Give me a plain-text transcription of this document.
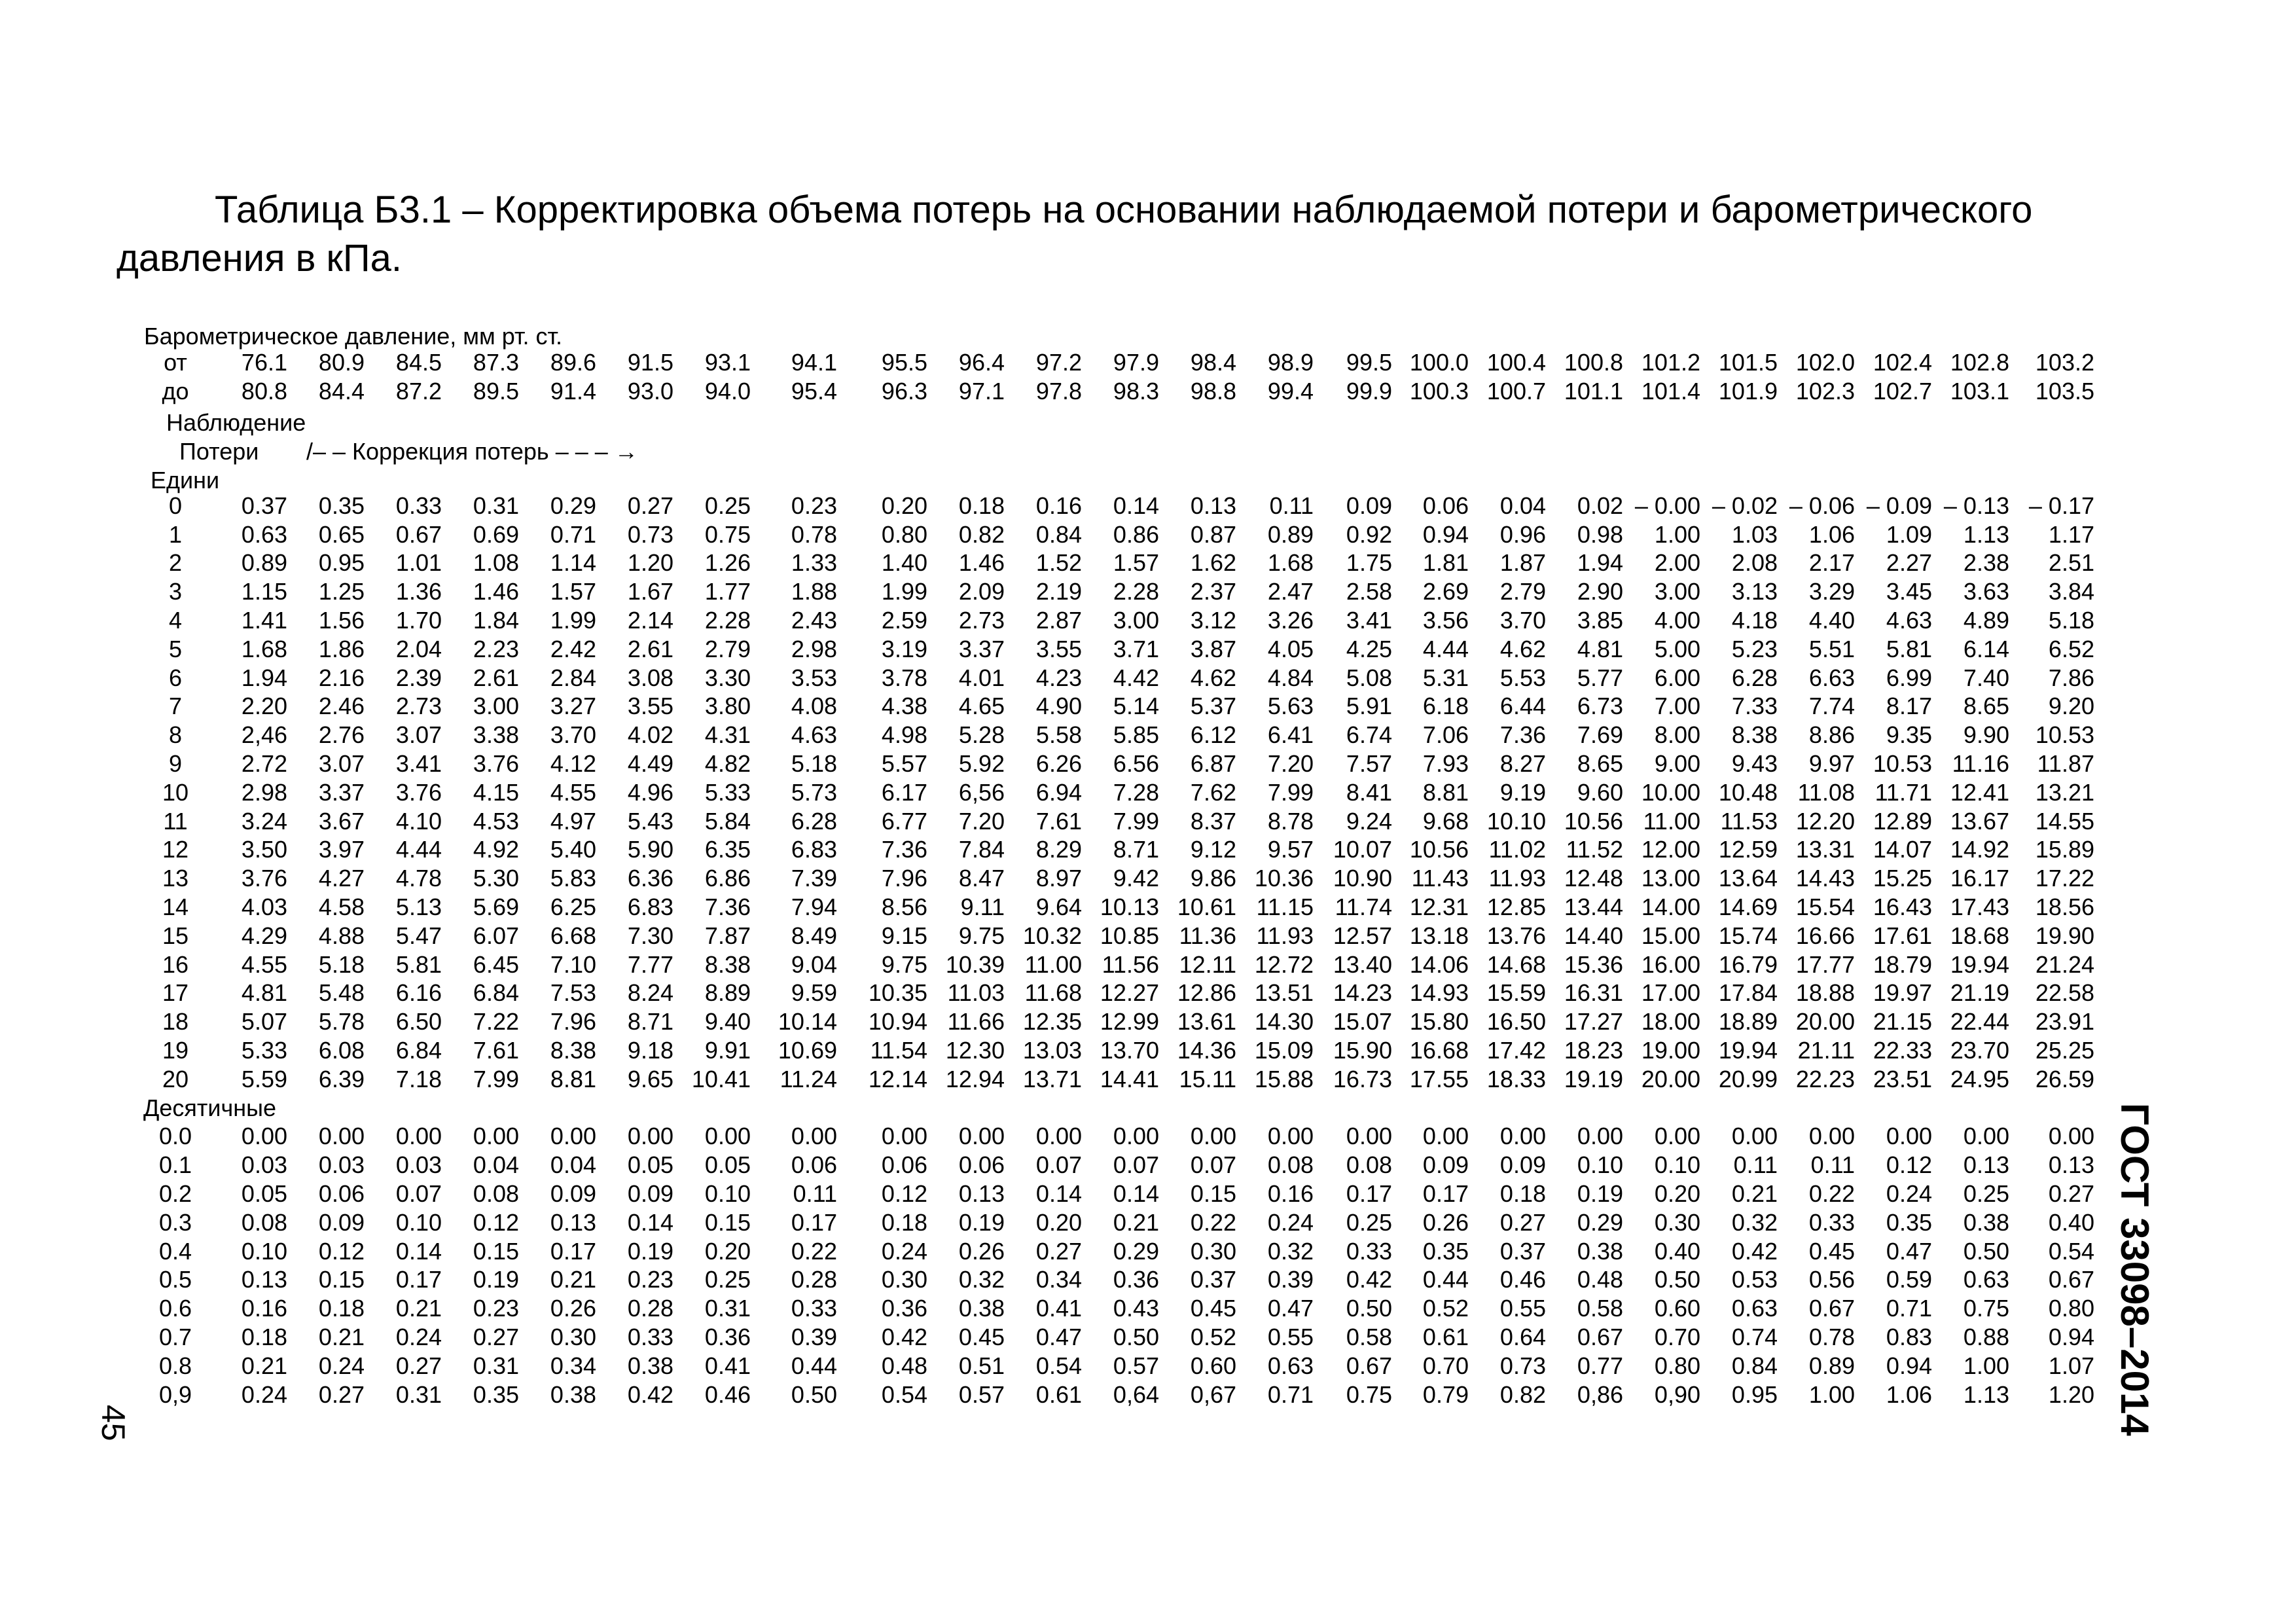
Таблица Б3.1 – Корректировка объема потерь на основании наблюдаемой потери и барометрического давления в кПа.
Барометрическое давление, мм рт. ст.
Наблюдение
Потери /– – Коррекция потерь – – – →
Едини
от	76.1	80.9	84.5	87.3	89.6	91.5	93.1	94.1	95.5	96.4	97.2	97.9	98.4	98.9	99.5	100.0	100.4	100.8	101.2	101.5	102.0	102.4	102.8	103.2
до	80.8	84.4	87.2	89.5	91.4	93.0	94.0	95.4	96.3	97.1	97.8	98.3	98.8	99.4	99.9	100.3	100.7	101.1	101.4	101.9	102.3	102.7	103.1	103.5

0	0.37	0.35	0.33	0.31	0.29	0.27	0.25	0.23	0.20	0.18	0.16	0.14	0.13	0.11	0.09	0.06	0.04	0.02	– 0.00	– 0.02	– 0.06	– 0.09	– 0.13	– 0.17
1	0.63	0.65	0.67	0.69	0.71	0.73	0.75	0.78	0.80	0.82	0.84	0.86	0.87	0.89	0.92	0.94	0.96	0.98	1.00	1.03	1.06	1.09	1.13	1.17
2	0.89	0.95	1.01	1.08	1.14	1.20	1.26	1.33	1.40	1.46	1.52	1.57	1.62	1.68	1.75	1.81	1.87	1.94	2.00	2.08	2.17	2.27	2.38	2.51
3	1.15	1.25	1.36	1.46	1.57	1.67	1.77	1.88	1.99	2.09	2.19	2.28	2.37	2.47	2.58	2.69	2.79	2.90	3.00	3.13	3.29	3.45	3.63	3.84
4	1.41	1.56	1.70	1.84	1.99	2.14	2.28	2.43	2.59	2.73	2.87	3.00	3.12	3.26	3.41	3.56	3.70	3.85	4.00	4.18	4.40	4.63	4.89	5.18
5	1.68	1.86	2.04	2.23	2.42	2.61	2.79	2.98	3.19	3.37	3.55	3.71	3.87	4.05	4.25	4.44	4.62	4.81	5.00	5.23	5.51	5.81	6.14	6.52
6	1.94	2.16	2.39	2.61	2.84	3.08	3.30	3.53	3.78	4.01	4.23	4.42	4.62	4.84	5.08	5.31	5.53	5.77	6.00	6.28	6.63	6.99	7.40	7.86
7	2.20	2.46	2.73	3.00	3.27	3.55	3.80	4.08	4.38	4.65	4.90	5.14	5.37	5.63	5.91	6.18	6.44	6.73	7.00	7.33	7.74	8.17	8.65	9.20
8	2,46	2.76	3.07	3.38	3.70	4.02	4.31	4.63	4.98	5.28	5.58	5.85	6.12	6.41	6.74	7.06	7.36	7.69	8.00	8.38	8.86	9.35	9.90	10.53
9	2.72	3.07	3.41	3.76	4.12	4.49	4.82	5.18	5.57	5.92	6.26	6.56	6.87	7.20	7.57	7.93	8.27	8.65	9.00	9.43	9.97	10.53	11.16	11.87
10	2.98	3.37	3.76	4.15	4.55	4.96	5.33	5.73	6.17	6,56	6.94	7.28	7.62	7.99	8.41	8.81	9.19	9.60	10.00	10.48	11.08	11.71	12.41	13.21
11	3.24	3.67	4.10	4.53	4.97	5.43	5.84	6.28	6.77	7.20	7.61	7.99	8.37	8.78	9.24	9.68	10.10	10.56	11.00	11.53	12.20	12.89	13.67	14.55
12	3.50	3.97	4.44	4.92	5.40	5.90	6.35	6.83	7.36	7.84	8.29	8.71	9.12	9.57	10.07	10.56	11.02	11.52	12.00	12.59	13.31	14.07	14.92	15.89
13	3.76	4.27	4.78	5.30	5.83	6.36	6.86	7.39	7.96	8.47	8.97	9.42	9.86	10.36	10.90	11.43	11.93	12.48	13.00	13.64	14.43	15.25	16.17	17.22
14	4.03	4.58	5.13	5.69	6.25	6.83	7.36	7.94	8.56	9.11	9.64	10.13	10.61	11.15	11.74	12.31	12.85	13.44	14.00	14.69	15.54	16.43	17.43	18.56
15	4.29	4.88	5.47	6.07	6.68	7.30	7.87	8.49	9.15	9.75	10.32	10.85	11.36	11.93	12.57	13.18	13.76	14.40	15.00	15.74	16.66	17.61	18.68	19.90
16	4.55	5.18	5.81	6.45	7.10	7.77	8.38	9.04	9.75	10.39	11.00	11.56	12.11	12.72	13.40	14.06	14.68	15.36	16.00	16.79	17.77	18.79	19.94	21.24
17	4.81	5.48	6.16	6.84	7.53	8.24	8.89	9.59	10.35	11.03	11.68	12.27	12.86	13.51	14.23	14.93	15.59	16.31	17.00	17.84	18.88	19.97	21.19	22.58
18	5.07	5.78	6.50	7.22	7.96	8.71	9.40	10.14	10.94	11.66	12.35	12.99	13.61	14.30	15.07	15.80	16.50	17.27	18.00	18.89	20.00	21.15	22.44	23.91
19	5.33	6.08	6.84	7.61	8.38	9.18	9.91	10.69	11.54	12.30	13.03	13.70	14.36	15.09	15.90	16.68	17.42	18.23	19.00	19.94	21.11	22.33	23.70	25.25
20	5.59	6.39	7.18	7.99	8.81	9.65	10.41	11.24	12.14	12.94	13.71	14.41	15.11	15.88	16.73	17.55	18.33	19.19	20.00	20.99	22.23	23.51	24.95	26.59
Десятичные																								
0.0	0.00	0.00	0.00	0.00	0.00	0.00	0.00	0.00	0.00	0.00	0.00	0.00	0.00	0.00	0.00	0.00	0.00	0.00	0.00	0.00	0.00	0.00	0.00	0.00
0.1	0.03	0.03	0.03	0.04	0.04	0.05	0.05	0.06	0.06	0.06	0.07	0.07	0.07	0.08	0.08	0.09	0.09	0.10	0.10	0.11	0.11	0.12	0.13	0.13
0.2	0.05	0.06	0.07	0.08	0.09	0.09	0.10	0.11	0.12	0.13	0.14	0.14	0.15	0.16	0.17	0.17	0.18	0.19	0.20	0.21	0.22	0.24	0.25	0.27
0.3	0.08	0.09	0.10	0.12	0.13	0.14	0.15	0.17	0.18	0.19	0.20	0.21	0.22	0.24	0.25	0.26	0.27	0.29	0.30	0.32	0.33	0.35	0.38	0.40
0.4	0.10	0.12	0.14	0.15	0.17	0.19	0.20	0.22	0.24	0.26	0.27	0.29	0.30	0.32	0.33	0.35	0.37	0.38	0.40	0.42	0.45	0.47	0.50	0.54
0.5	0.13	0.15	0.17	0.19	0.21	0.23	0.25	0.28	0.30	0.32	0.34	0.36	0.37	0.39	0.42	0.44	0.46	0.48	0.50	0.53	0.56	0.59	0.63	0.67
0.6	0.16	0.18	0.21	0.23	0.26	0.28	0.31	0.33	0.36	0.38	0.41	0.43	0.45	0.47	0.50	0.52	0.55	0.58	0.60	0.63	0.67	0.71	0.75	0.80
0.7	0.18	0.21	0.24	0.27	0.30	0.33	0.36	0.39	0.42	0.45	0.47	0.50	0.52	0.55	0.58	0.61	0.64	0.67	0.70	0.74	0.78	0.83	0.88	0.94
0.8	0.21	0.24	0.27	0.31	0.34	0.38	0.41	0.44	0.48	0.51	0.54	0.57	0.60	0.63	0.67	0.70	0.73	0.77	0.80	0.84	0.89	0.94	1.00	1.07
0,9	0.24	0.27	0.31	0.35	0.38	0.42	0.46	0.50	0.54	0.57	0.61	0,64	0,67	0.71	0.75	0.79	0.82	0,86	0,90	0.95	1.00	1.06	1.13	1.20 ГОСТ 33098–2014
45
